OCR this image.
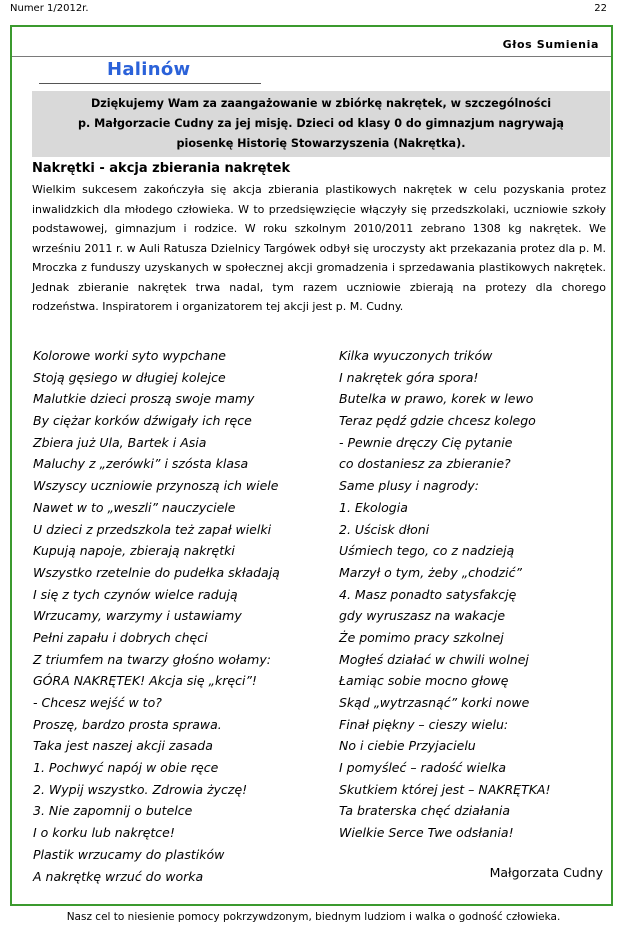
Numer 1/2012r.	22
Głos Sumienia
Halinów
Dziękujemy Wam za zaangażowanie w zbiórkę nakrętek, w szczególności
p. Małgorzacie Cudny za jej misję. Dzieci od klasy 0 do gimnazjum nagrywają
piosenkę Historię Stowarzyszenia (Nakrętka).
Nakrętki - akcja zbierania nakrętek
Wielkim sukcesem zakończyła się akcja zbierania plastikowych nakrętek w celu pozyskania protez inwalidzkich dla młodego człowieka. W to przedsięwzięcie włączyły się przedszkolaki, uczniowie szkoły podstawowej, gimnazjum i rodzice. W roku szkolnym 2010/2011 zebrano 1308 kg nakrętek. We wrześniu 2011 r. w Auli Ratusza Dzielnicy Targówek odbył się uroczysty akt przekazania protez dla p. M. Mroczka z funduszy uzyskanych w społecznej akcji gromadzenia i sprzedawania plastikowych nakrętek. Jednak zbieranie nakrętek trwa nadal, tym razem uczniowie zbierają na protezy dla chorego rodzeństwa. Inspiratorem i organizatorem tej akcji jest p. M. Cudny.
Kolorowe worki syto wypchane
Stoją gęsiego w długiej kolejce
Malutkie dzieci proszą swoje mamy
By ciężar korków dźwigały ich ręce
Zbiera już Ula, Bartek i Asia
Maluchy z „zerówki” i szósta klasa
Wszyscy uczniowie przynoszą ich wiele
Nawet w to „weszli” nauczyciele
U dzieci z przedszkola też zapał wielki
Kupują napoje, zbierają nakrętki
Wszystko rzetelnie do pudełka składają
I się z tych czynów wielce radują
Wrzucamy, warzymy i ustawiamy
Pełni zapału i dobrych chęci
Z triumfem na twarzy głośno wołamy:
GÓRA NAKRĘTEK! Akcja się „kręci”!
- Chcesz wejść w to?
Proszę, bardzo prosta sprawa.
Taka jest naszej akcji zasada
1. Pochwyć napój w obie ręce
2. Wypij wszystko. Zdrowia życzę!
3. Nie zapomnij o butelce
I o korku lub nakrętce!
Plastik wrzucamy do plastików
A nakrętkę wrzuć do worka
Kilka wyuczonych trików
I nakrętek góra spora!
Butelka w prawo, korek w lewo
Teraz pędź gdzie chcesz kolego
- Pewnie dręczy Cię pytanie
co dostaniesz za zbieranie?
Same plusy i nagrody:
1. Ekologia
2. Uścisk dłoni
Uśmiech tego, co z nadzieją
Marzył o tym, żeby „chodzić”
4. Masz ponadto satysfakcję
gdy wyruszasz na wakacje
Że pomimo pracy szkolnej
Mogłeś działać w chwili wolnej
Łamiąc sobie mocno głowę
Skąd „wytrzasnąć” korki nowe
Finał piękny – cieszy wielu:
No i ciebie Przyjacielu
I pomyśleć – radość wielka
Skutkiem której jest – NAKRĘTKA!
Ta braterska chęć działania
Wielkie Serce Twe odsłania!
Małgorzata Cudny
Nasz cel to niesienie pomocy pokrzywdzonym, biednym ludziom i walka o godność człowieka.
